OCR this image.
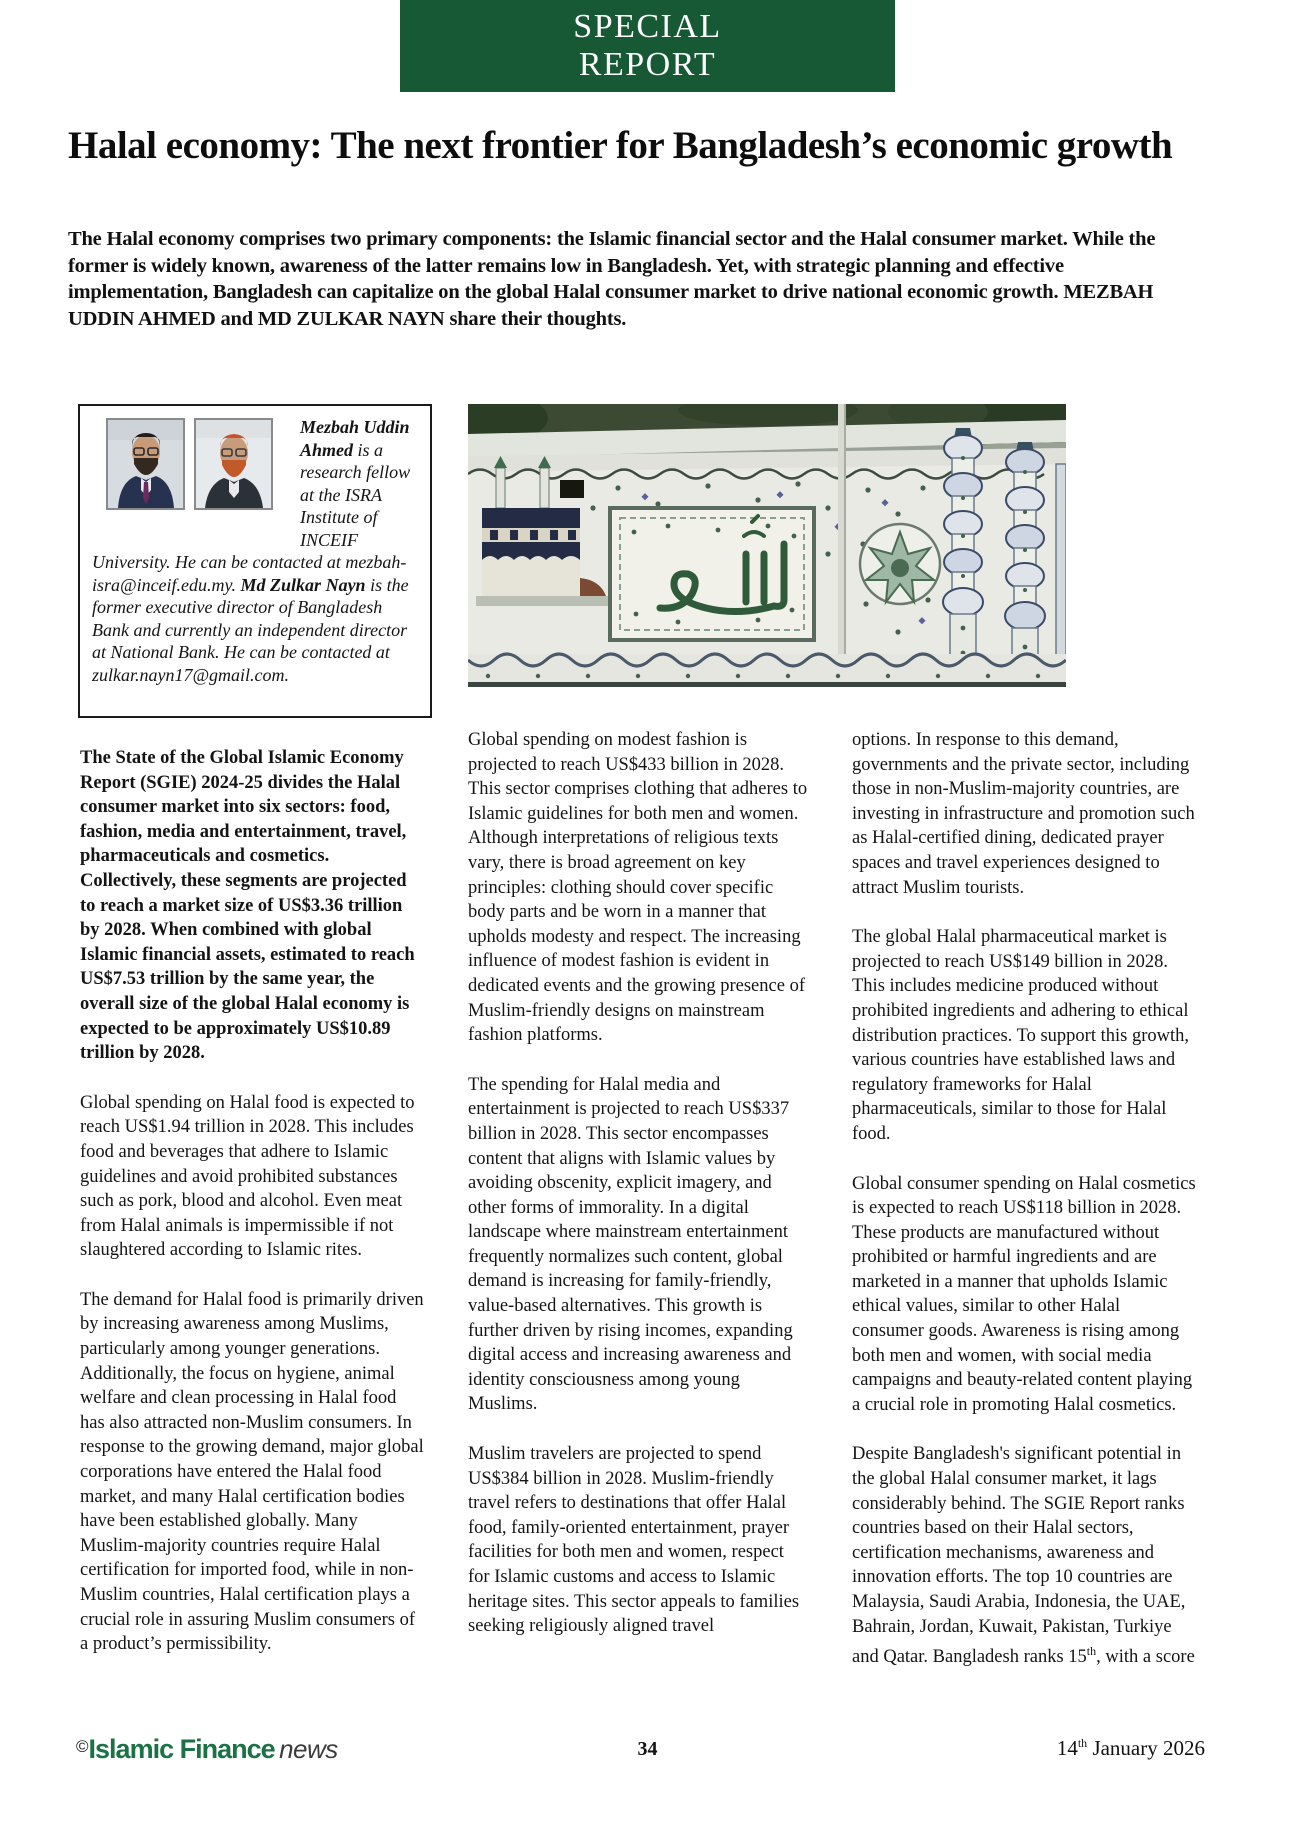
SPECIAL
REPORT
Halal economy: The next frontier for Bangladesh’s economic growth
The Halal economy comprises two primary components: the Islamic financial sector and the Halal consumer market. While the former is widely known, awareness of the latter remains low in Bangladesh. Yet, with strategic planning and effective implementation, Bangladesh can capitalize on the global Halal consumer market to drive national economic growth. MEZBAH UDDIN AHMED and MD ZULKAR NAYN share their thoughts.

Mezbah Uddin Ahmed is a research fellow at the ISRA Institute of INCEIF University. He can be contacted at mezbah-isra@inceif.edu.my. Md Zulkar Nayn is the former executive director of Bangladesh Bank and currently an independent director at National Bank. He can be contacted at zulkar.nayn17@gmail.com.

The State of the Global Islamic Economy Report (SGIE) 2024-25 divides the Halal consumer market into six sectors: food, fashion, media and entertainment, travel, pharmaceuticals and cosmetics. Collectively, these segments are projected to reach a market size of US$3.36 trillion by 2028. When combined with global Islamic financial assets, estimated to reach US$7.53 trillion by the same year, the overall size of the global Halal economy is expected to be approximately US$10.89 trillion by 2028.

Global spending on Halal food is expected to reach US$1.94 trillion in 2028. This includes food and beverages that adhere to Islamic guidelines and avoid prohibited substances such as pork, blood and alcohol. Even meat from Halal animals is impermissible if not slaughtered according to Islamic rites.

The demand for Halal food is primarily driven by increasing awareness among Muslims, particularly among younger generations. Additionally, the focus on hygiene, animal welfare and clean processing in Halal food has also attracted non-Muslim consumers. In response to the growing demand, major global corporations have entered the Halal food market, and many Halal certification bodies have been established globally. Many Muslim-majority countries require Halal certification for imported food, while in non-Muslim countries, Halal certification plays a crucial role in assuring Muslim consumers of a product’s permissibility.

Global spending on modest fashion is projected to reach US$433 billion in 2028. This sector comprises clothing that adheres to Islamic guidelines for both men and women. Although interpretations of religious texts vary, there is broad agreement on key principles: clothing should cover specific body parts and be worn in a manner that upholds modesty and respect. The increasing influence of modest fashion is evident in dedicated events and the growing presence of Muslim-friendly designs on mainstream fashion platforms.

The spending for Halal media and entertainment is projected to reach US$337 billion in 2028. This sector encompasses content that aligns with Islamic values by avoiding obscenity, explicit imagery, and other forms of immorality. In a digital landscape where mainstream entertainment frequently normalizes such content, global demand is increasing for family-friendly, value-based alternatives. This growth is further driven by rising incomes, expanding digital access and increasing awareness and identity consciousness among young Muslims.

Muslim travelers are projected to spend US$384 billion in 2028. Muslim-friendly travel refers to destinations that offer Halal food, family-oriented entertainment, prayer facilities for both men and women, respect for Islamic customs and access to Islamic heritage sites. This sector appeals to families seeking religiously aligned travel

options. In response to this demand, governments and the private sector, including those in non-Muslim-majority countries, are investing in infrastructure and promotion such as Halal-certified dining, dedicated prayer spaces and travel experiences designed to attract Muslim tourists.

The global Halal pharmaceutical market is projected to reach US$149 billion in 2028. This includes medicine produced without prohibited ingredients and adhering to ethical distribution practices. To support this growth, various countries have established laws and regulatory frameworks for Halal pharmaceuticals, similar to those for Halal food.

Global consumer spending on Halal cosmetics is expected to reach US$118 billion in 2028. These products are manufactured without prohibited or harmful ingredients and are marketed in a manner that upholds Islamic ethical values, similar to other Halal consumer goods. Awareness is rising among both men and women, with social media campaigns and beauty-related content playing a crucial role in promoting Halal cosmetics.

Despite Bangladesh's significant potential in the global Halal consumer market, it lags considerably behind. The SGIE Report ranks countries based on their Halal sectors, certification mechanisms, awareness and innovation efforts. The top 10 countries are Malaysia, Saudi Arabia, Indonesia, the UAE, Bahrain, Jordan, Kuwait, Pakistan, Turkiye and Qatar. Bangladesh ranks 15th, with a score

©Islamic Finance news	34	14th January 2026
